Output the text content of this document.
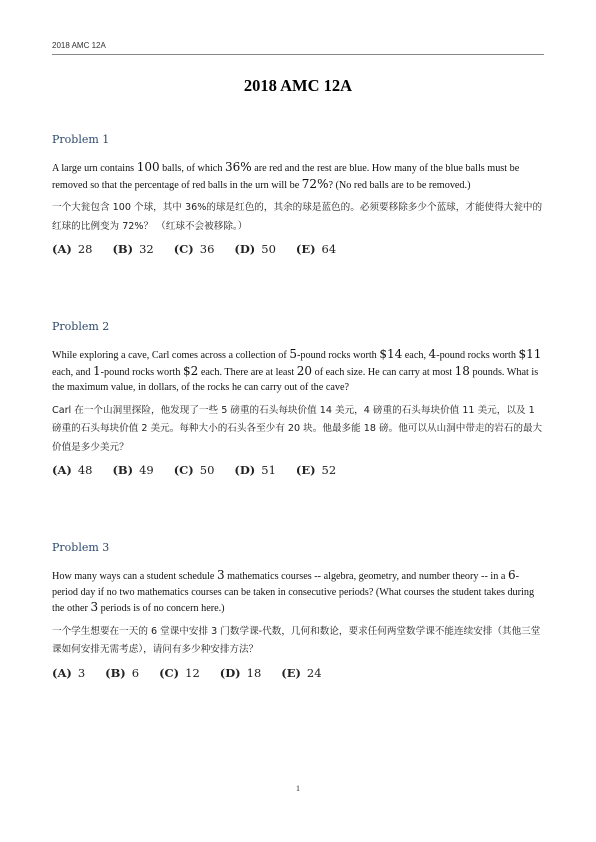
2018 AMC 12A
2018 AMC 12A
Problem 1

A large urn contains 100 balls, of which 36% are red and the rest are blue. How many of the blue balls must be removed so that the percentage of red balls in the urn will be 72%? (No red balls are to be removed.)

一个大瓮包含 100 个球，其中 36%的球是红色的，其余的球是蓝色的。必须要移除多少个蓝球，才能使得大瓮中的红球的比例变为 72%？ （红球不会被移除。）

(A) 28 (B) 32 (C) 36 (D) 50 (E) 64
Problem 2

While exploring a cave, Carl comes across a collection of 5-pound rocks worth $14 each, 4-pound rocks worth $11 each, and 1-pound rocks worth $2 each. There are at least 20 of each size. He can carry at most 18 pounds. What is the maximum value, in dollars, of the rocks he can carry out of the cave?

Carl 在一个山洞里探险，他发现了一些 5 磅重的石头每块价值 14 美元，4 磅重的石头每块价值 11 美元，以及 1 磅重的石头每块价值 2 美元。每种大小的石头各至少有 20 块。他最多能 18 磅。他可以从山洞中带走的岩石的最大价值是多少美元？

(A) 48 (B) 49 (C) 50 (D) 51 (E) 52
Problem 3

How many ways can a student schedule 3 mathematics courses -- algebra, geometry, and number theory -- in a 6-period day if no two mathematics courses can be taken in consecutive periods? (What courses the student takes during the other 3 periods is of no concern here.)

一个学生想要在一天的 6 堂课中安排 3 门数学课-代数，几何和数论，要求任何两堂数学课不能连续安排（其他三堂课如何安排无需考虑），请问有多少种安排方法？

(A) 3 (B) 6 (C) 12 (D) 18 (E) 24
1
